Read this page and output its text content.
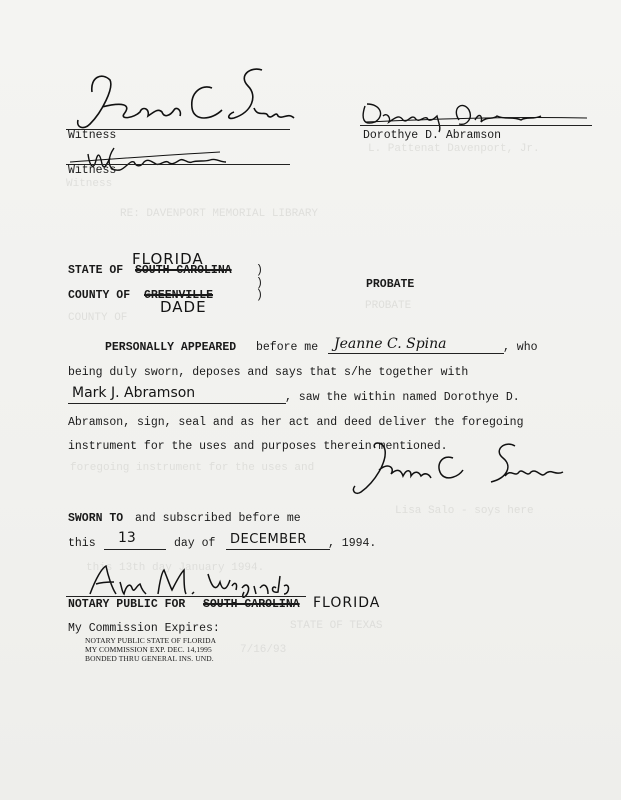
L. Pattenat Davenport, Jr.
Witness
RE: DAVENPORT MEMORIAL LIBRARY
COUNTY OF
PROBATE
foregoing instrument for the uses and
this 13th day January 1994.
STATE OF TEXAS
7/16/93
Lisa Salo - soys here
Witness
Witness
Dorothye D. Abramson
FLORIDA
STATE OF SOUTH CAROLINA )
)	PROBATE
COUNTY OF GREENVILLE	)
DADE
PERSONALLY APPEARED before me Jeanne C. Spina	, who
being duly sworn, deposes and says that s/he together with
Mark J. Abramson	, saw the within named Dorothye D.
Abramson, sign, seal and as her act and deed deliver the foregoing
instrument for the uses and purposes therein mentioned.
SWORN TO and subscribed before me
this 13	day of DECEMBER , 1994.
NOTARY PUBLIC FOR SOUTH CAROLINA FLORIDA
My Commission Expires:
NOTARY PUBLIC STATE OF FLORIDA
MY COMMISSION EXP. DEC. 14,1995
BONDED THRU GENERAL INS. UND.
